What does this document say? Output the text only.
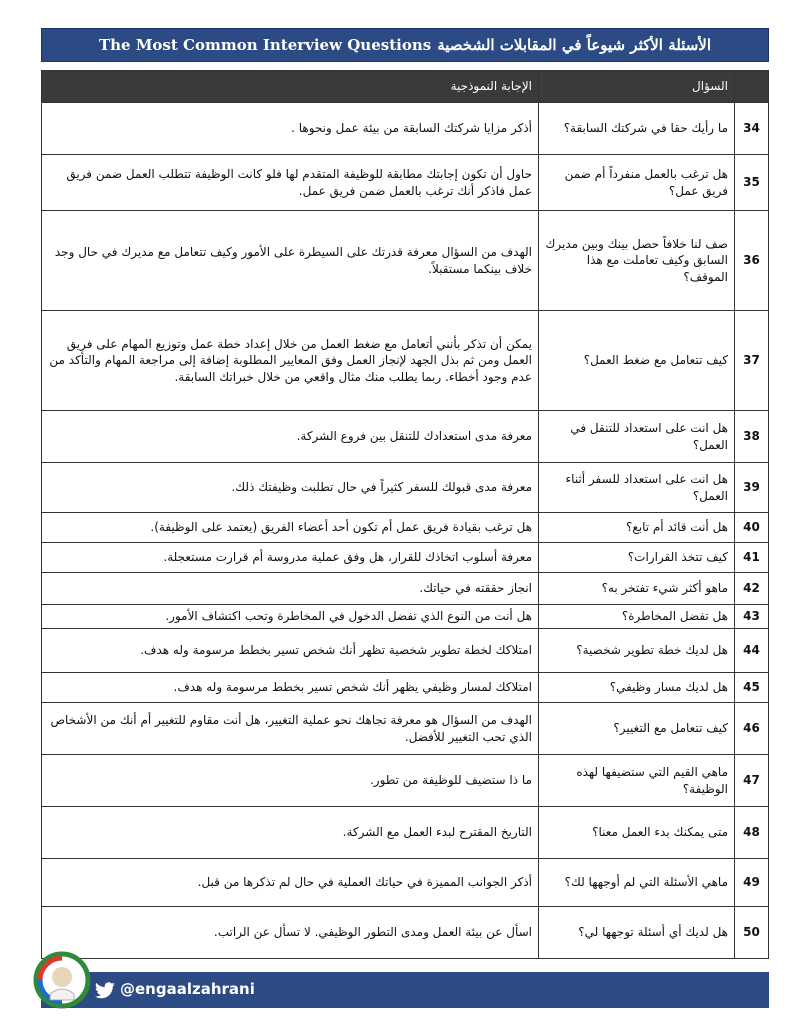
الأسئلة الأكثر شيوعاً في المقابلات الشخصية
The Most Common Interview Questions
	السؤال	الإجابة النموذجية
34	ما رأيك حقا في شركتك السابقة؟	أذكر مزايا شركتك السابقة من بيئة عمل ونحوها .
35	هل ترغب بالعمل منفرداً أم ضمن فريق عمل؟	حاول أن تكون إجابتك مطابقة للوظيفة المتقدم لها فلو كانت الوظيفة تتطلب العمل ضمن فريق عمل فاذكر أنك ترغب بالعمل ضمن فريق عمل.
36	صف لنا خلافاً حصل بينك وبين مديرك السابق وكيف تعاملت مع هذا الموقف؟	الهدف من السؤال معرفة قدرتك على السيطرة على الأمور وكيف تتعامل مع مديرك في حال وجد خلاف بينكما مستقبلاً.
37	كيف تتعامل مع ضغط العمل؟	يمكن أن تذكر بأنني أتعامل مع ضغط العمل من خلال إعداد خطة عمل وتوزيع المهام على فريق العمل ومن ثم بذل الجهد لإنجاز العمل وفق المعايير المطلوبة إضافة إلى مراجعة المهام والتأكد من عدم وجود أخطاء. ربما يطلب منك مثال واقعي من خلال خبراتك السابقة.
38	هل انت على استعداد للتنقل في العمل؟	معرفة مدى استعدادك للتنقل بين فروع الشركة.
39	هل انت على استعداد للسفر أثناء العمل؟	معرفة مدى قبولك للسفر كثيراً في حال تطلبت وظيفتك ذلك.
40	هل أنت قائد أم تابع؟	هل ترغب بقيادة فريق عمل أم تكون أحد أعضاء الفريق (يعتمد على الوظيفة).
41	كيف تتخذ القرارات؟	معرفة أسلوب اتخاذك للقرار، هل وفق عملية مدروسة أم قرارت مستعجلة.
42	ماهو أكثر شيء تفتخر به؟	انجاز حققته في حياتك.
43	هل تفضل المخاطرة؟	هل أنت من النوع الذي تفضل الدخول في المخاطرة وتحب اكتشاف الأمور.
44	هل لديك خطة تطوير شخصية؟	امتلاكك لخطة تطوير شخصية تظهر أنك شخص تسير بخطط مرسومة وله هدف.
45	هل لديك مسار وظيفي؟	امتلاكك لمسار وظيفي يظهر أنك شخص تسير بخطط مرسومة وله هدف.
46	كيف تتعامل مع التغيير؟	الهدف من السؤال هو معرفة تجاهك نحو عملية التغيير، هل أنت مقاوم للتغيير أم أنك من الأشخاص الذي تحب التغيير للأفضل.
47	ماهي القيم التي ستضيفها لهذه الوظيفة؟	ما ذا ستضيف للوظيفة من تطور.
48	متى يمكنك بدء العمل معنا؟	التاريخ المقترح لبدء العمل مع الشركة.
49	ماهي الأسئلة التي لم أوجهها لك؟	أذكر الجوانب المميزة في حياتك العملية في حال لم تذكرها من قبل.
50	هل لديك أي أسئلة توجهها لي؟	اسأل عن بيئة العمل ومدى التطور الوظيفي. لا تسأل عن الراتب.
@engaalzahrani
